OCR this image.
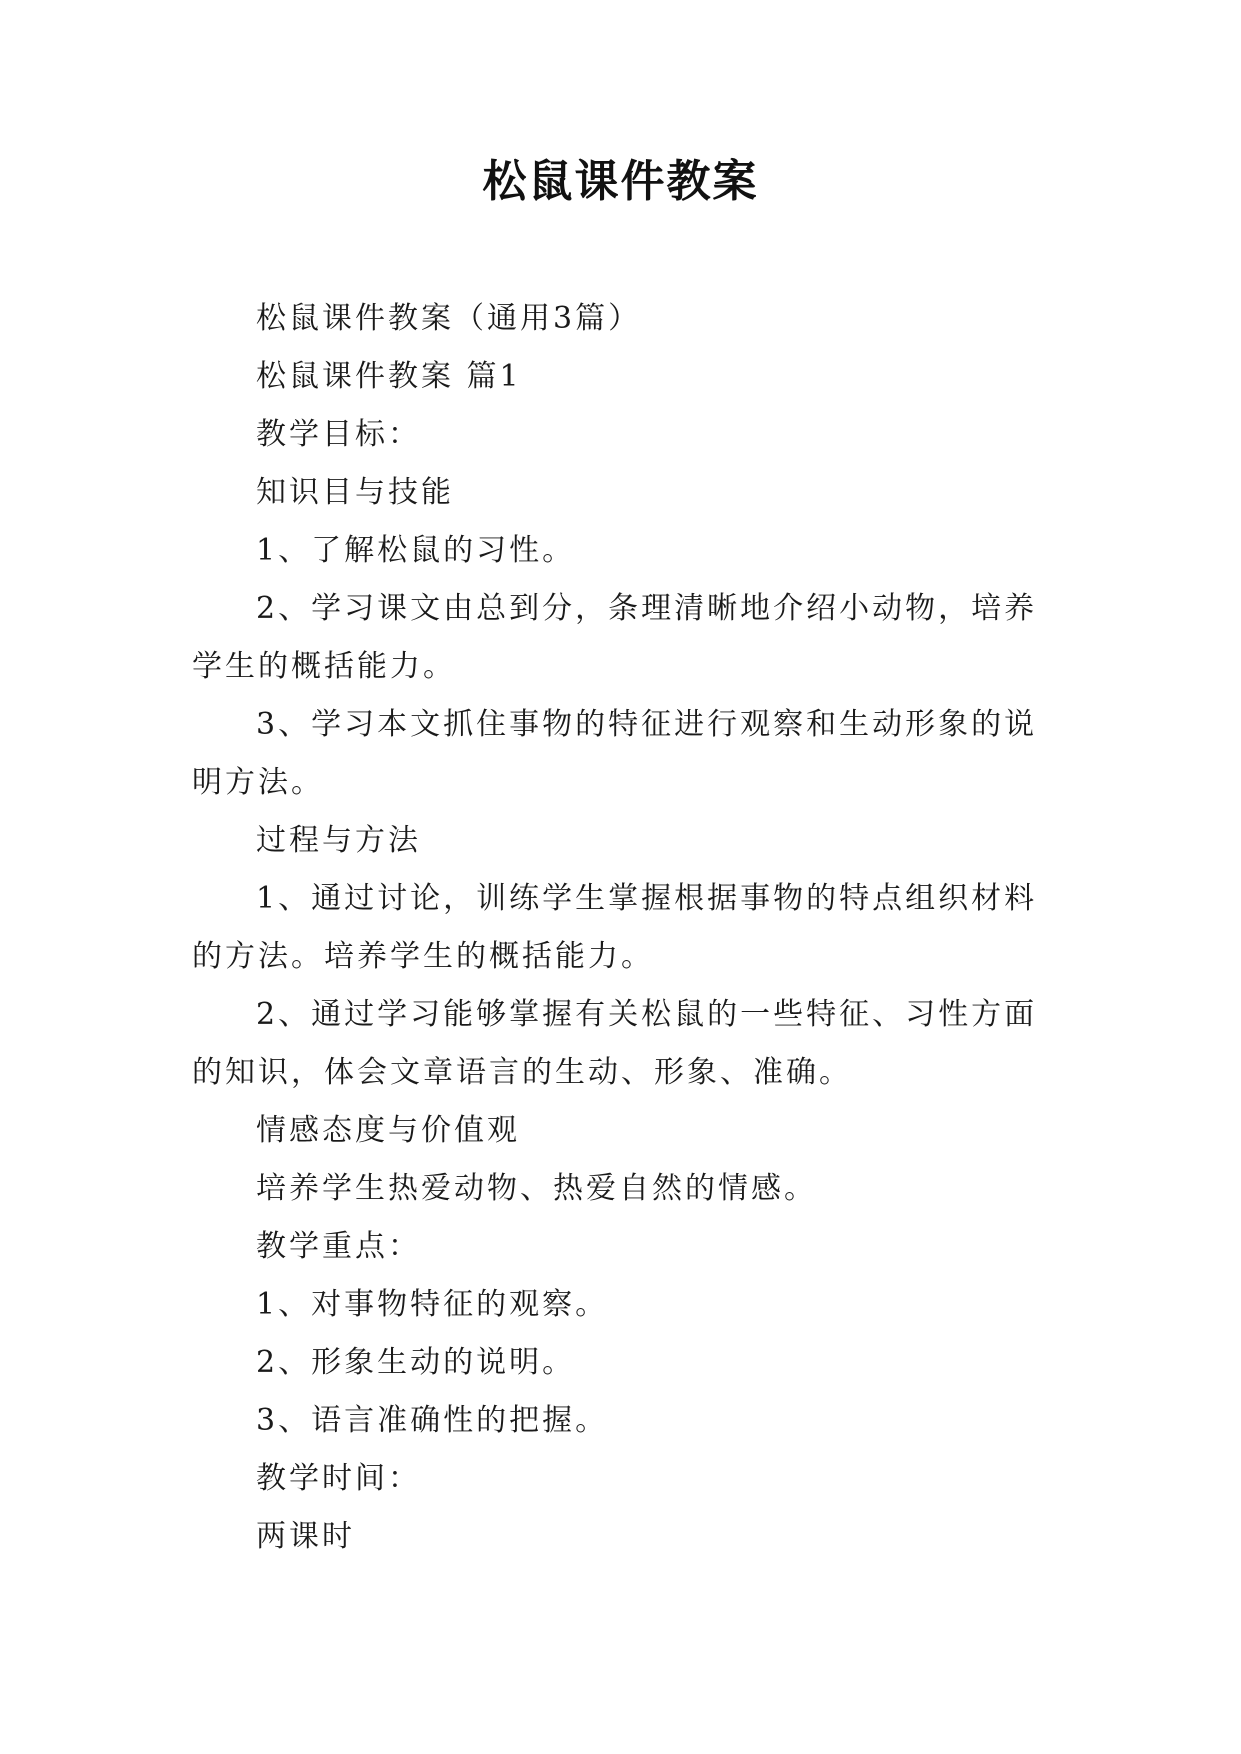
松鼠课件教案

松鼠课件教案（通用3篇）

松鼠课件教案 篇1

教学目标：

知识目与技能

1、了解松鼠的习性。

2、学习课文由总到分，条理清晰地介绍小动物，培养学生的概括能力。

3、学习本文抓住事物的特征进行观察和生动形象的说明方法。

过程与方法

1、通过讨论，训练学生掌握根据事物的特点组织材料的方法。培养学生的概括能力。

2、通过学习能够掌握有关松鼠的一些特征、习性方面的知识，体会文章语言的生动、形象、准确。

情感态度与价值观

培养学生热爱动物、热爱自然的情感。

教学重点：

1、对事物特征的观察。

2、形象生动的说明。

3、语言准确性的把握。

教学时间：

两课时
